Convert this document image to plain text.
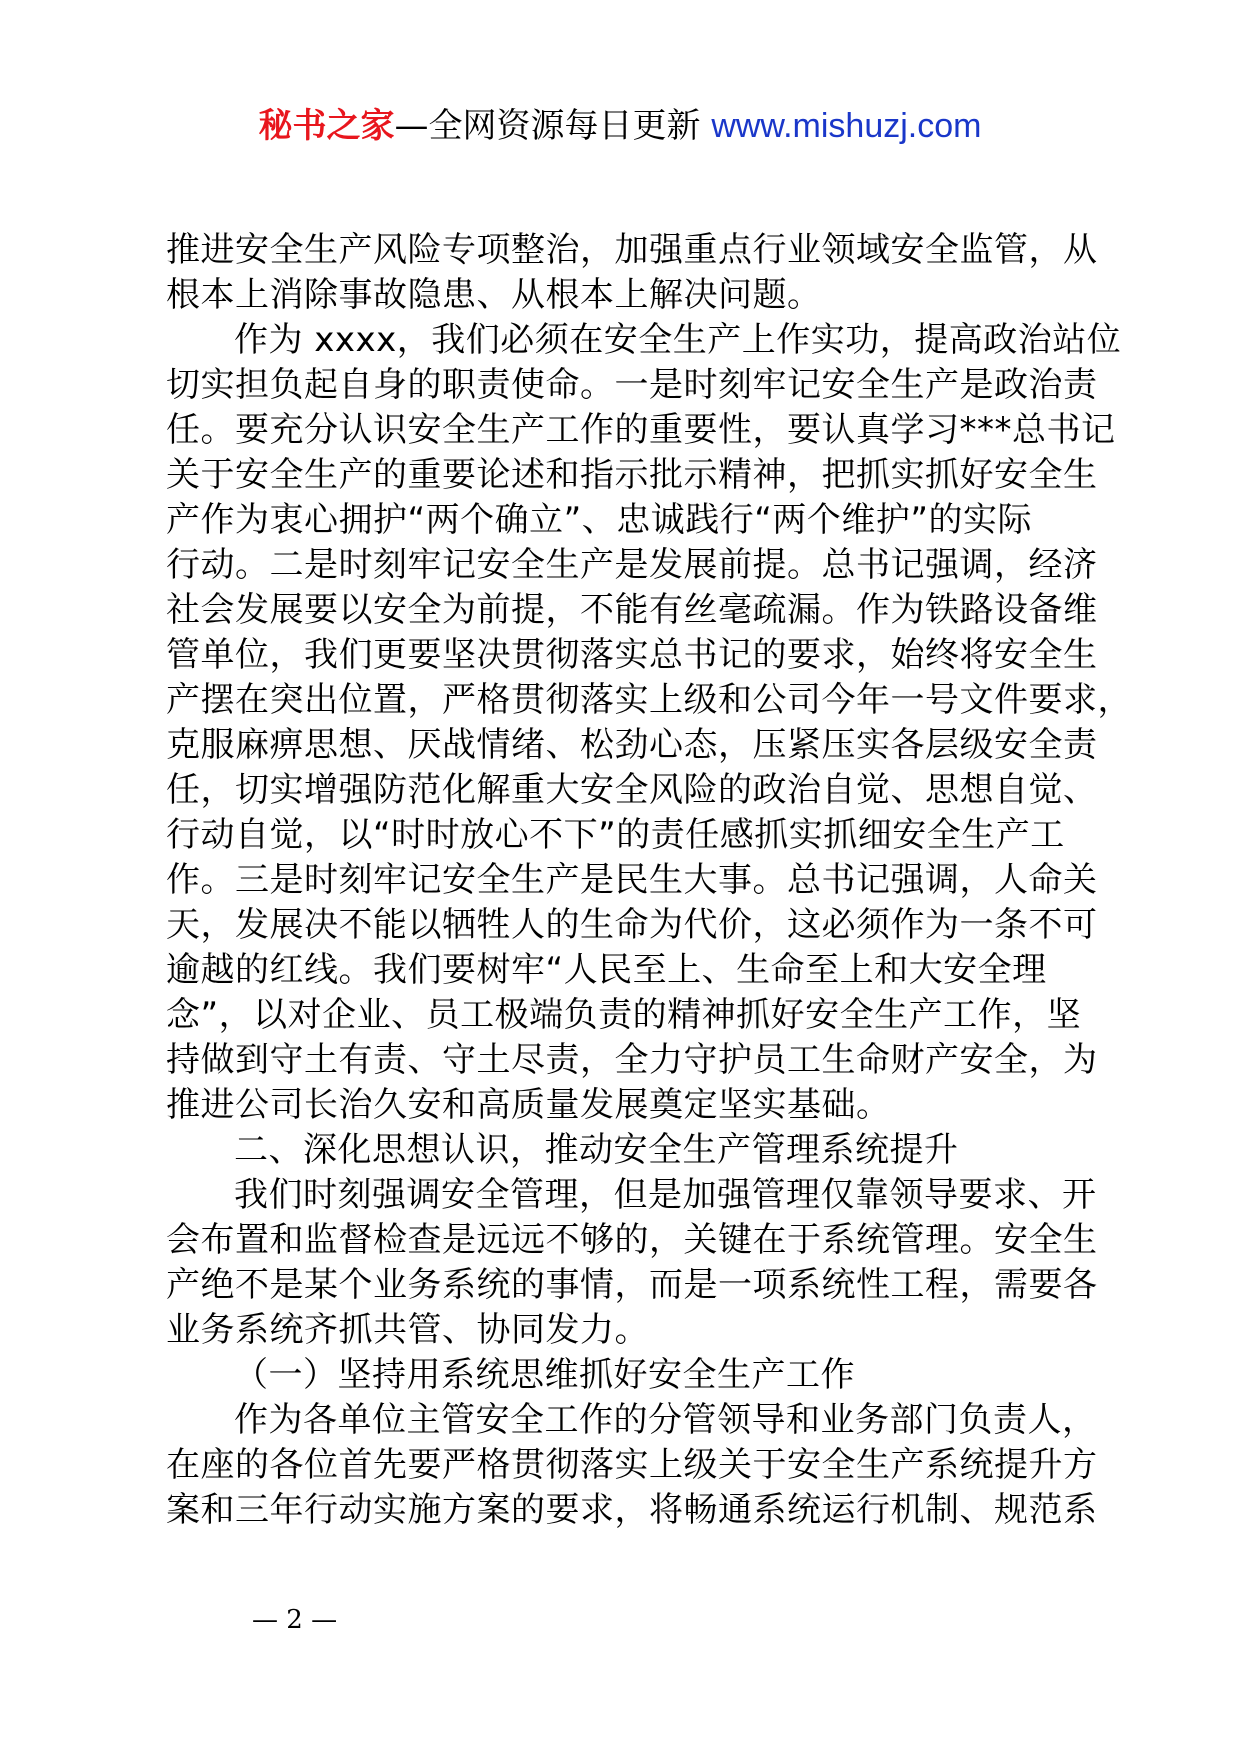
秘书之家—全网资源每日更新 www.mishuzj.com
推进安全生产风险专项整治，加强重点行业领域安全监管，从
根本上消除事故隐患、从根本上解决问题。
作为 xxxx，我们必须在安全生产上作实功，提高政治站位
切实担负起自身的职责使命。一是时刻牢记安全生产是政治责
任。要充分认识安全生产工作的重要性，要认真学习***总书记
关于安全生产的重要论述和指示批示精神，把抓实抓好安全生
产作为衷心拥护“两个确立”、忠诚践行“两个维护”的实际
行动。二是时刻牢记安全生产是发展前提。总书记强调，经济
社会发展要以安全为前提，不能有丝毫疏漏。作为铁路设备维
管单位，我们更要坚决贯彻落实总书记的要求，始终将安全生
产摆在突出位置，严格贯彻落实上级和公司今年一号文件要求，
克服麻痹思想、厌战情绪、松劲心态，压紧压实各层级安全责
任，切实增强防范化解重大安全风险的政治自觉、思想自觉、
行动自觉，以“时时放心不下”的责任感抓实抓细安全生产工
作。三是时刻牢记安全生产是民生大事。总书记强调，人命关
天，发展决不能以牺牲人的生命为代价，这必须作为一条不可
逾越的红线。我们要树牢“人民至上、生命至上和大安全理
念”，以对企业、员工极端负责的精神抓好安全生产工作，坚
持做到守土有责、守土尽责，全力守护员工生命财产安全，为
推进公司长治久安和高质量发展奠定坚实基础。
二、深化思想认识，推动安全生产管理系统提升
我们时刻强调安全管理，但是加强管理仅靠领导要求、开
会布置和监督检查是远远不够的，关键在于系统管理。安全生
产绝不是某个业务系统的事情，而是一项系统性工程，需要各
业务系统齐抓共管、协同发力。
（一）坚持用系统思维抓好安全生产工作
作为各单位主管安全工作的分管领导和业务部门负责人，
在座的各位首先要严格贯彻落实上级关于安全生产系统提升方
案和三年行动实施方案的要求，将畅通系统运行机制、规范系
— 2 —
